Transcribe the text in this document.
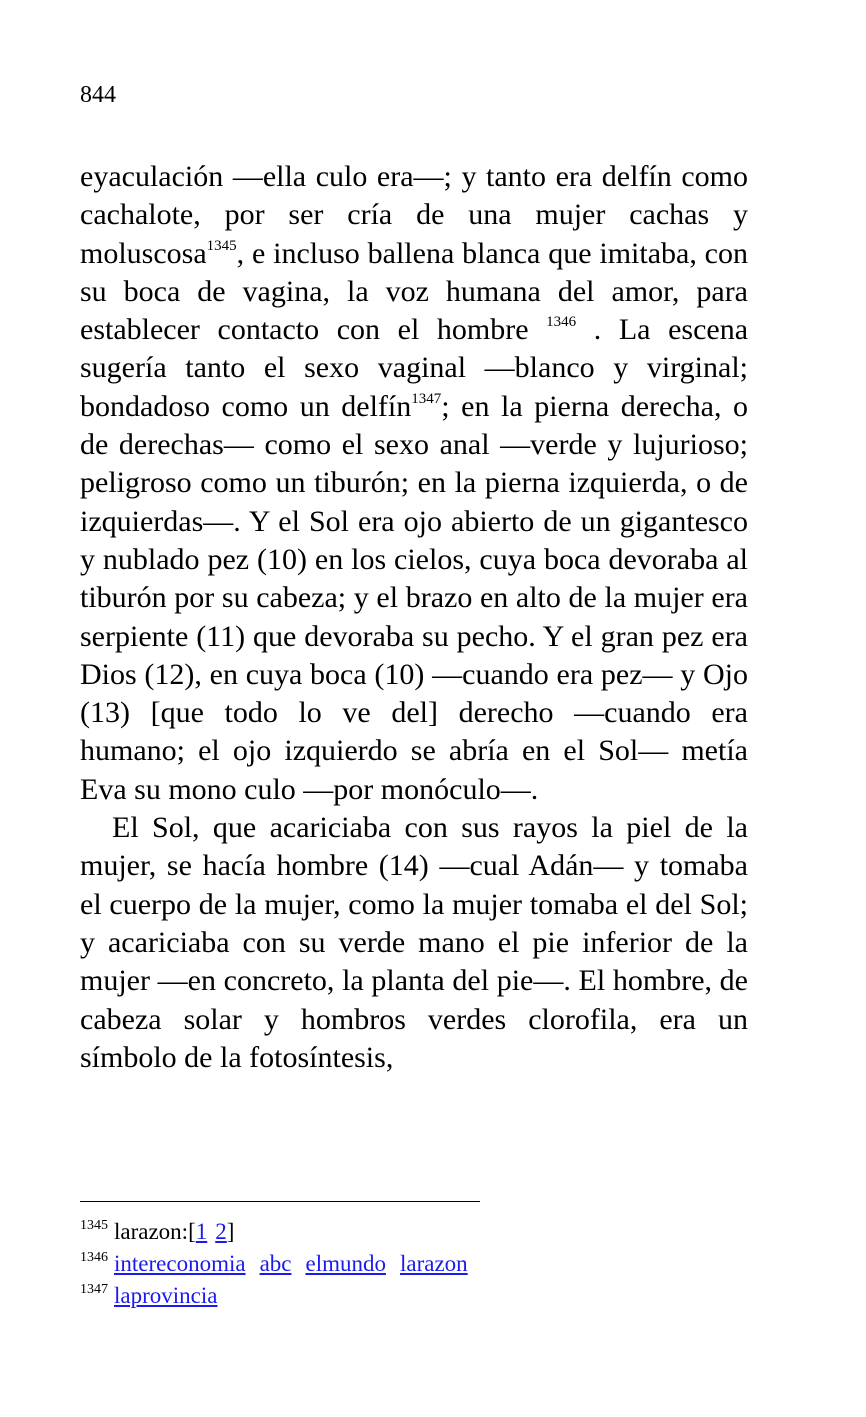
844

eyaculación —ella culo era—; y tanto era delfín como cachalote, por ser cría de una mujer cachas y moluscosa$^{1345}$, e incluso ballena blanca que imitaba, con su boca de vagina, la voz humana del amor, para establecer contacto con el hombre $^{1346}$ . La escena sugería tanto el sexo vaginal —blanco y virginal; bondadoso como un delfín$^{1347}$; en la pierna derecha, o de derechas— como el sexo anal —verde y lujurioso; peligroso como un tiburón; en la pierna izquierda, o de izquierdas—. Y el Sol era ojo abierto de un gigantesco y nublado pez (10) en los cielos, cuya boca devoraba al tiburón por su cabeza; y el brazo en alto de la mujer era serpiente (11) que devoraba su pecho. Y el gran pez era Dios (12), en cuya boca (10) —cuando era pez— y Ojo (13) [que todo lo ve del] derecho —cuando era humano; el ojo izquierdo se abría en el Sol— metía Eva su mono culo —por monóculo—.

El Sol, que acariciaba con sus rayos la piel de la mujer, se hacía hombre (14) —cual Adán— y tomaba el cuerpo de la mujer, como la mujer tomaba el del Sol; y acariciaba con su verde mano el pie inferior de la mujer —en concreto, la planta del pie—. El hombre, de cabeza solar y hombros verdes clorofila, era un símbolo de la fotosíntesis,

$^{1345}$ larazon:[1 2]
$^{1346}$ intereconomia abc elmundo larazon
$^{1347}$ laprovincia
